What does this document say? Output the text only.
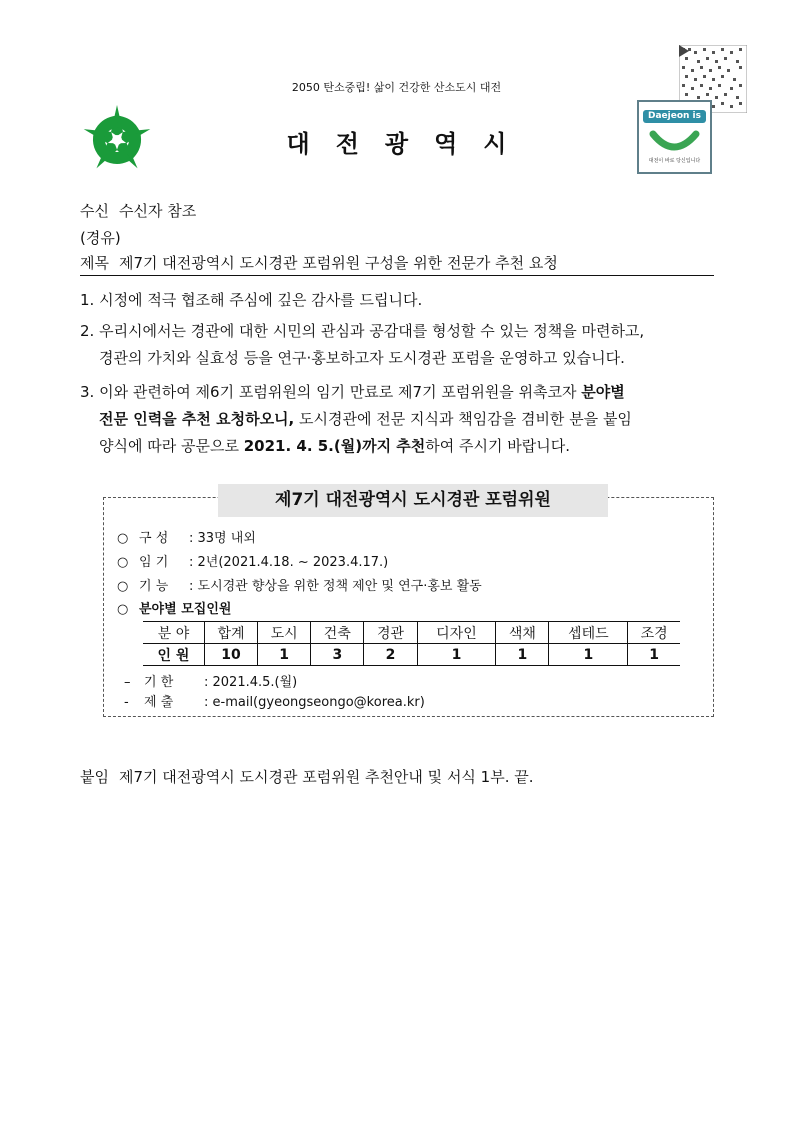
2050 탄소중립! 삶이 건강한 산소도시 대전
대전광역시
Daejeon is U
대전이 바로 당신입니다
수신 수신자 참조
(경유)
제목 제7기 대전광역시 도시경관 포럼위원 구성을 위한 전문가 추천 요청
1. 시정에 적극 협조해 주심에 깊은 감사를 드립니다.
2. 우리시에서는 경관에 대한 시민의 관심과 공감대를 형성할 수 있는 정책을 마련하고,
경관의 가치와 실효성 등을 연구·홍보하고자 도시경관 포럼을 운영하고 있습니다.
3. 이와 관련하여 제6기 포럼위원의 임기 만료로 제7기 포럼위원을 위촉코자 분야별
전문 인력을 추천 요청하오니, 도시경관에 전문 지식과 책임감을 겸비한 분을 붙임
양식에 따라 공문으로 2021. 4. 5.(월)까지 추천하여 주시기 바랍니다.
제7기 대전광역시 도시경관 포럼위원
○ 구 성 : 33명 내외
○ 임 기 : 2년(2021.4.18. ~ 2023.4.17.)
○ 기 능 : 도시경관 향상을 위한 정책 제안 및 연구·홍보 활동
○ 분야별 모집인원
분 야	합계	도시	건축	경관	디자인	색채	셉테드	조경
인 원	10	1	3	2	1	1	1	1
– 기 한 : 2021.4.5.(월)
- 제 출 : e-mail(gyeongseongo@korea.kr)
붙임 제7기 대전광역시 도시경관 포럼위원 추천안내 및 서식 1부. 끝.
